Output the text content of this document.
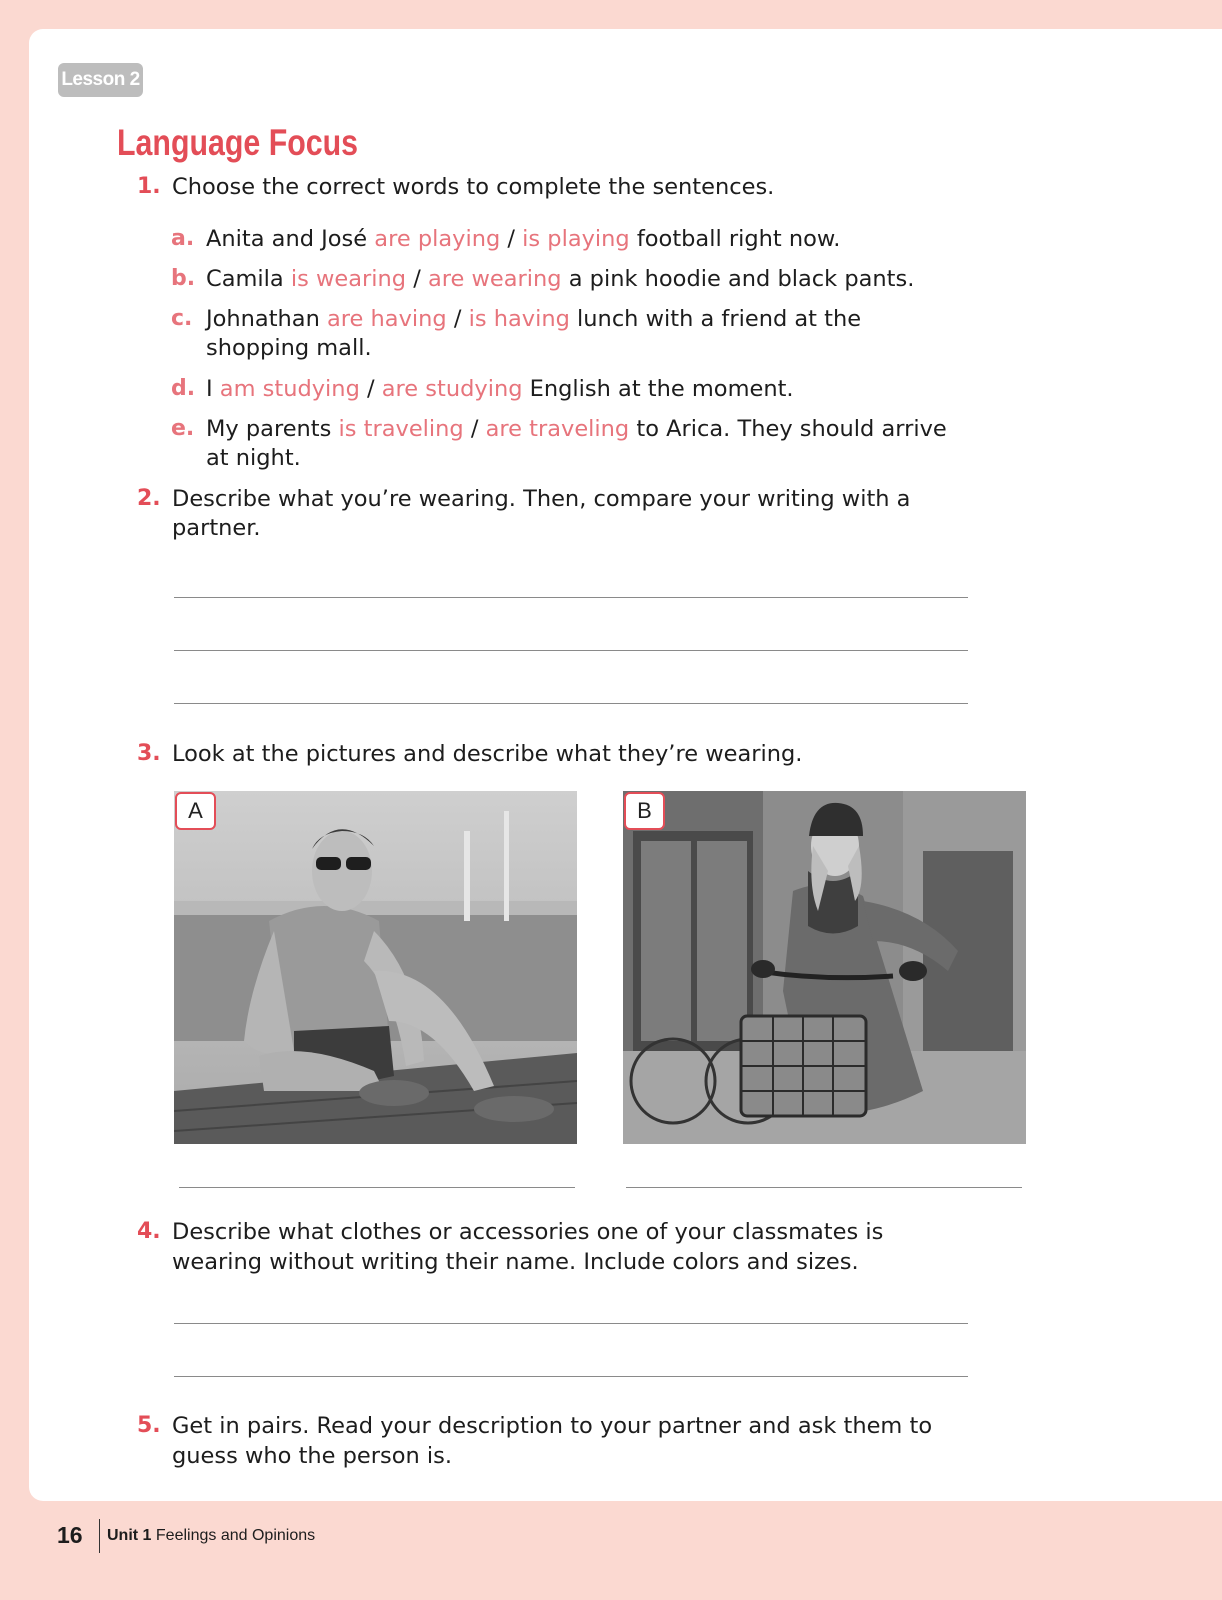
Lesson 2
Language Focus
1. Choose the correct words to complete the sentences.
a. Anita and José are playing / is playing football right now.
b. Camila is wearing / are wearing a pink hoodie and black pants.
c. Johnathan are having / is having lunch with a friend at the
shopping mall.
d. I am studying / are studying English at the moment.
e. My parents is traveling / are traveling to Arica. They should arrive
at night.
2. Describe what you’re wearing. Then, compare your writing with a
partner.
3. Look at the pictures and describe what they’re wearing.
A	B
4. Describe what clothes or accessories one of your classmates is
wearing without writing their name. Include colors and sizes.
5. Get in pairs. Read your description to your partner and ask them to
guess who the person is.
16 Unit 1 Feelings and Opinions
